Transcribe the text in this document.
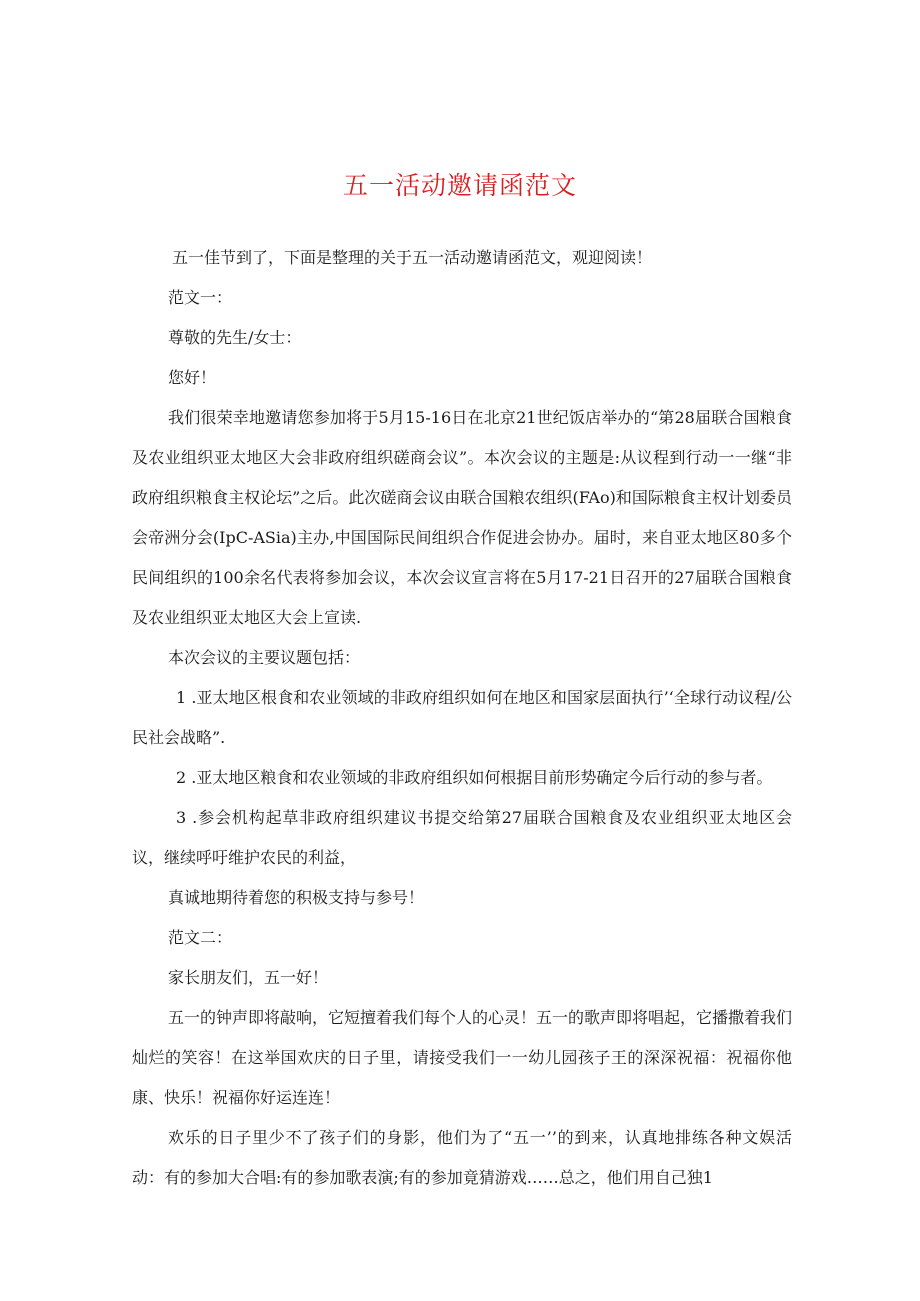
五一活动邀请函范文

五一佳节到了，下面是整理的关于五一活动邀请函范文，观迎阅读！

范文一：

尊敬的先生/女士：

您好！

我们很荣幸地邀请您参加将于5月15-16日在北京21世纪饭店举办的“第28届联合国粮食及农业组织亚太地区大会非政府组织磋商会议”。本次会议的主题是:从议程到行动一一继“非政府组织粮食主权论坛”之后。此次磋商会议由联合国粮农组织(FAo)和国际粮食主权计划委员会帝洲分会(IpC-ASia)主办,中国国际民间组织合作促进会协办。届时，来自亚太地区80多个民间组织的100余名代表将参加会议，本次会议宣言将在5月17-21日召开的27届联合国粮食及农业组织亚太地区大会上宣读.

本次会议的主要议题包括：

1 .亚太地区根食和农业领域的非政府组织如何在地区和国家层面执行’‘全球行动议程/公民社会战略”.

2 .亚太地区粮食和农业领域的非政府组织如何根据目前形势确定今后行动的参与者。

3 .参会机构起草非政府组织建议书提交给第27届联合国粮食及农业组织亚太地区会议，继续呼吁维护农民的利益，

真诚地期待着您的积极支持与参号！

范文二：

家长朋友们，五一好！

五一的钟声即将敲响，它短擅着我们每个人的心灵！五一的歌声即将唱起，它播撒着我们灿烂的笑容！在这举国欢庆的日子里，请接受我们一一幼儿园孩子王的深深祝福：祝福你他康、快乐！祝福你好运连连！

欢乐的日子里少不了孩子们的身影，他们为了“五一’’的到来，认真地排练各种文娱活动：有的参加大合唱:有的参加歌表演;有的参加竟猜游戏……总之，他们用自己独1
